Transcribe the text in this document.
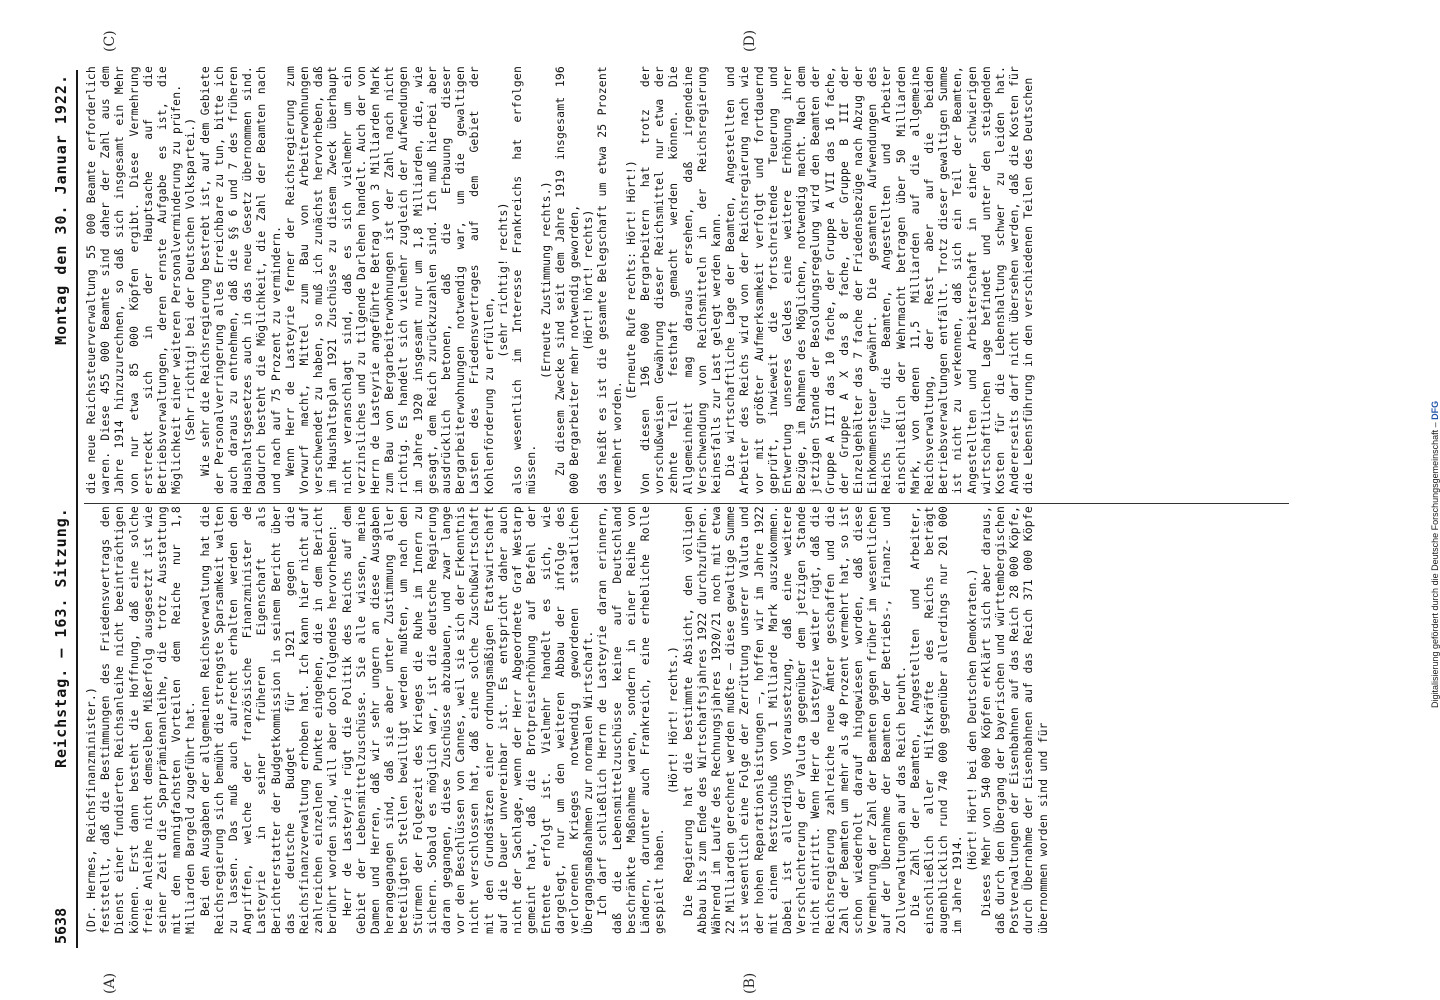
5638
Reichstag. — 163. Sitzung.
Montag den 30. Januar 1922.
(A)	(B)
(C)	(D)

(Dr. Hermes, Reichsfinanzminister.) feststellt, daß die Bestimmungen des Friedensvertrags den Dienst einer fundierten Reichsanleihe nicht beeinträchtigen können. Erst dann besteht die Hoffnung, daß eine solche freie Anleihe nicht demselben Mißerfolg ausgesetzt ist wie seiner Zeit die Sparprämienanleihe, die trotz Ausstattung mit den mannigfachsten Vorteilen dem Reiche nur 1,8 Milliarden Bargeld zugeführt hat. Bei den Ausgaben der allgemeinen Reichsverwaltung hat die Reichsregierung sich bemüht die strengste Sparsamkeit walten zu lassen. Das muß auch aufrecht erhalten werden den Angriffen, welche der französische Finanzminister de Lasteyrie in seiner früheren Eigenschaft als Berichterstatter der Budgetkommission in seinem Bericht über das deutsche Budget für 1921 gegen die Reichsfinanzverwaltung erhoben hat. Ich kann hier nicht auf zahlreichen einzelnen Punkte eingehen, die in dem Bericht berührt worden sind, will aber doch folgendes hervorheben: Herr de Lasteyrie rügt die Politik des Reichs auf dem Gebiet der Lebensmittelzuschüsse. Sie alle wissen, meine Damen und Herren, daß wir sehr ungern an diese Ausgaben herangegangen sind, daß sie aber unter Zustimmung aller beteiligten Stellen bewilligt werden mußten, um nach den Stürmen der Folgezeit des Krieges die Ruhe im Innern zu sichern. Sobald es möglich war, ist die deutsche Regierung daran gegangen, diese Zuschüsse abzubauen, und zwar lange vor den Beschlüssen von Cannes, weil sie sich der Erkenntnis nicht verschlossen hat, daß eine solche Zuschußwirtschaft mit den Grundsätzen einer ordnungsmäßigen Etatswirtschaft auf die Dauer unvereinbar ist. Es entspricht daher auch nicht der Sachlage, wenn der Herr Abgeordnete Graf Westarp gemeint hat, daß die Brotpreiserhöhung auf Befehl der Entente erfolgt ist. Vielmehr handelt es sich, wie dargelegt, nur um den weiteren Abbau der infolge des verlorenen Krieges notwendig gewordenen staatlichen Übergangsmaßnahmen zur normalen Wirtschaft. Ich darf schließlich Herrn de Lasteyrie daran erinnern, daß die Lebensmittelzuschüsse keine auf Deutschland beschränkte Maßnahme waren, sondern in einer Reihe von Ländern, darunter auch Frankreich, eine erhebliche Rolle gespielt haben.

(Hört! Hört! rechts.) Die Regierung hat die bestimmte Absicht, den völligen Abbau bis zum Ende des Wirtschaftsjahres 1922 durchzuführen. Während im Laufe des Rechnungsjahres 1920/21 noch mit etwa 22 Milliarden gerechnet werden mußte — diese gewaltige Summe ist wesentlich eine Folge der Zerrüttung unserer Valuta und der hohen Reparationsleistungen —, hoffen wir im Jahre 1922 mit einem Restzuschuß von 1 Milliarde Mark auszukommen. Dabei ist allerdings Voraussetzung, daß eine weitere Verschlechterung der Valuta gegenüber dem jetzigen Stande nicht eintritt. Wenn Herr de Lasteyrie weiter rügt, daß die Reichsregierung zahlreiche neue Ämter geschaffen und die Zahl der Beamten um mehr als 40 Prozent vermehrt hat, so ist schon wiederholt darauf hingewiesen worden, daß diese Vermehrung der Zahl der Beamten gegen früher im wesentlichen auf der Übernahme der Beamten der Betriebs-, Finanz- und Zollverwaltungen auf das Reich beruht. Die Zahl der Beamten, Angestellten und Arbeiter, einschließlich aller Hilfskräfte des Reichs beträgt augenblicklich rund 740 000 gegenüber allerdings nur 201 000 im Jahre 1914.

(Hört! Hört! bei den Deutschen Demokraten.) Dieses Mehr von 540 000 Köpfen erklärt sich aber daraus, daß durch den Übergang der bayerischen und württembergischen Postverwaltungen der Eisenbahnen auf das Reich 28 000 Köpfe, durch Übernahme der Eisenbahnen auf das Reich 371 000 Köpfe übernommen worden sind und für

die neue Reichssteuerverwaltung 55 000 Beamte erforderlich waren. Diese 455 000 Beamte sind daher der Zahl aus dem Jahre 1914 hinzuzurechnen, so daß sich insgesamt ein Mehr von nur etwa 85 000 Köpfen ergibt. Diese Vermehrung erstreckt sich in der Hauptsache auf die Betriebsverwaltungen, deren ernste Aufgabe es ist, die Möglichkeit einer weiteren Personalverminderung zu prüfen. (Sehr richtig! bei der Deutschen Volkspartei.) Wie sehr die Reichsregierung bestrebt ist, auf dem Gebiete der Personalverringerung alles Erreichbare zu tun, bitte ich auch daraus zu entnehmen, daß die §§ 6 und 7 des früheren Haushaltsgesetzes auch in das neue Gesetz übernommen sind. Dadurch besteht die Möglichkeit, die Zahl der Beamten nach und nach auf 75 Prozent zu vermindern. Wenn Herr de Lasteyrie ferner der Reichsregierung zum Vorwurf macht, Mittel zum Bau von Arbeiterwohnungen verschwendet zu haben, so muß ich zunächst hervorheben, daß im Haushaltsplan 1921 Zuschüsse zu diesem Zweck überhaupt nicht veranschlagt sind, daß es sich vielmehr um ein verzinsliches und zu tilgende Darlehen handelt. Auch der von Herrn de Lasteyrie angeführte Betrag von 3 Milliarden Mark zum Bau von Bergarbeiterwohnungen ist der Zahl nach nicht richtig. Es handelt sich vielmehr zugleich der Aufwendungen im Jahre 1920 insgesamt nur um 1,8 Milliarden, die, wie gesagt, dem Reich zurückzuzahlen sind. Ich muß hierbei aber ausdrücklich betonen, daß die Erbauung dieser Bergarbeiterwohnungen notwendig war, um die gewaltigen Lasten des Friedensvertrages auf dem Gebiet der Kohlenförderung zu erfüllen,

(sehr richtig! rechts) also wesentlich im Interesse Frankreichs hat erfolgen müssen.

(Erneute Zustimmung rechts.) Zu diesem Zwecke sind seit dem Jahre 1919 insgesamt 196 000 Bergarbeiter mehr notwendig geworden, (Hört! hört! rechts) das heißt es ist die gesamte Belegschaft um etwa 25 Prozent vermehrt worden.

(Erneute Rufe rechts: Hört! Hört!) Von diesen 196 000 Bergarbeitern hat trotz der vorschußweisen Gewährung dieser Reichsmittel nur etwa der zehnte Teil festhaft gemacht werden können. Die Allgemeinheit mag daraus ersehen, daß irgendeine Verschwendung von Reichsmitteln in der Reichsregierung keinesfalls zur Last gelegt werden kann. Die wirtschaftliche Lage der Beamten, Angestellten und Arbeiter des Reichs wird von der Reichsregierung nach wie vor mit größter Aufmerksamkeit verfolgt und fortdauernd geprüft, inwieweit die fortschreitende Teuerung und Entwertung unseres Geldes eine weitere Erhöhung ihrer Bezüge, im Rahmen des Möglichen, notwendig macht. Nach dem jetzigen Stande der Besoldungsregelung wird den Beamten der Gruppe A III das 10 fache, der Gruppe A VII das 16 fache, der Gruppe A X das 8 fache, der Gruppe B III der Einzelgehälter das 7 fache der Friedensbezüge nach Abzug der Einkommensteuer gewährt. Die gesamten Aufwendungen des Reichs für die Beamten, Angestellten und Arbeiter einschließlich der Wehrmacht betragen über 50 Milliarden Mark, von denen 11,5 Milliarden auf die allgemeine Reichsverwaltung, der Rest aber auf die beiden Betriebsverwaltungen entfällt. Trotz dieser gewaltigen Summe ist nicht zu verkennen, daß sich ein Teil der Beamten, Angestellten und Arbeiterschaft in einer schwierigen wirtschaftlichen Lage befindet und unter den steigenden Kosten für die Lebenshaltung schwer zu leiden hat. Andererseits darf nicht übersehen werden, daß die Kosten für die Lebensführung in den verschiedenen Teilen des Deutschen

Digitalisierung gefördert durch die Deutsche Forschungsgemeinschaft – DFG
